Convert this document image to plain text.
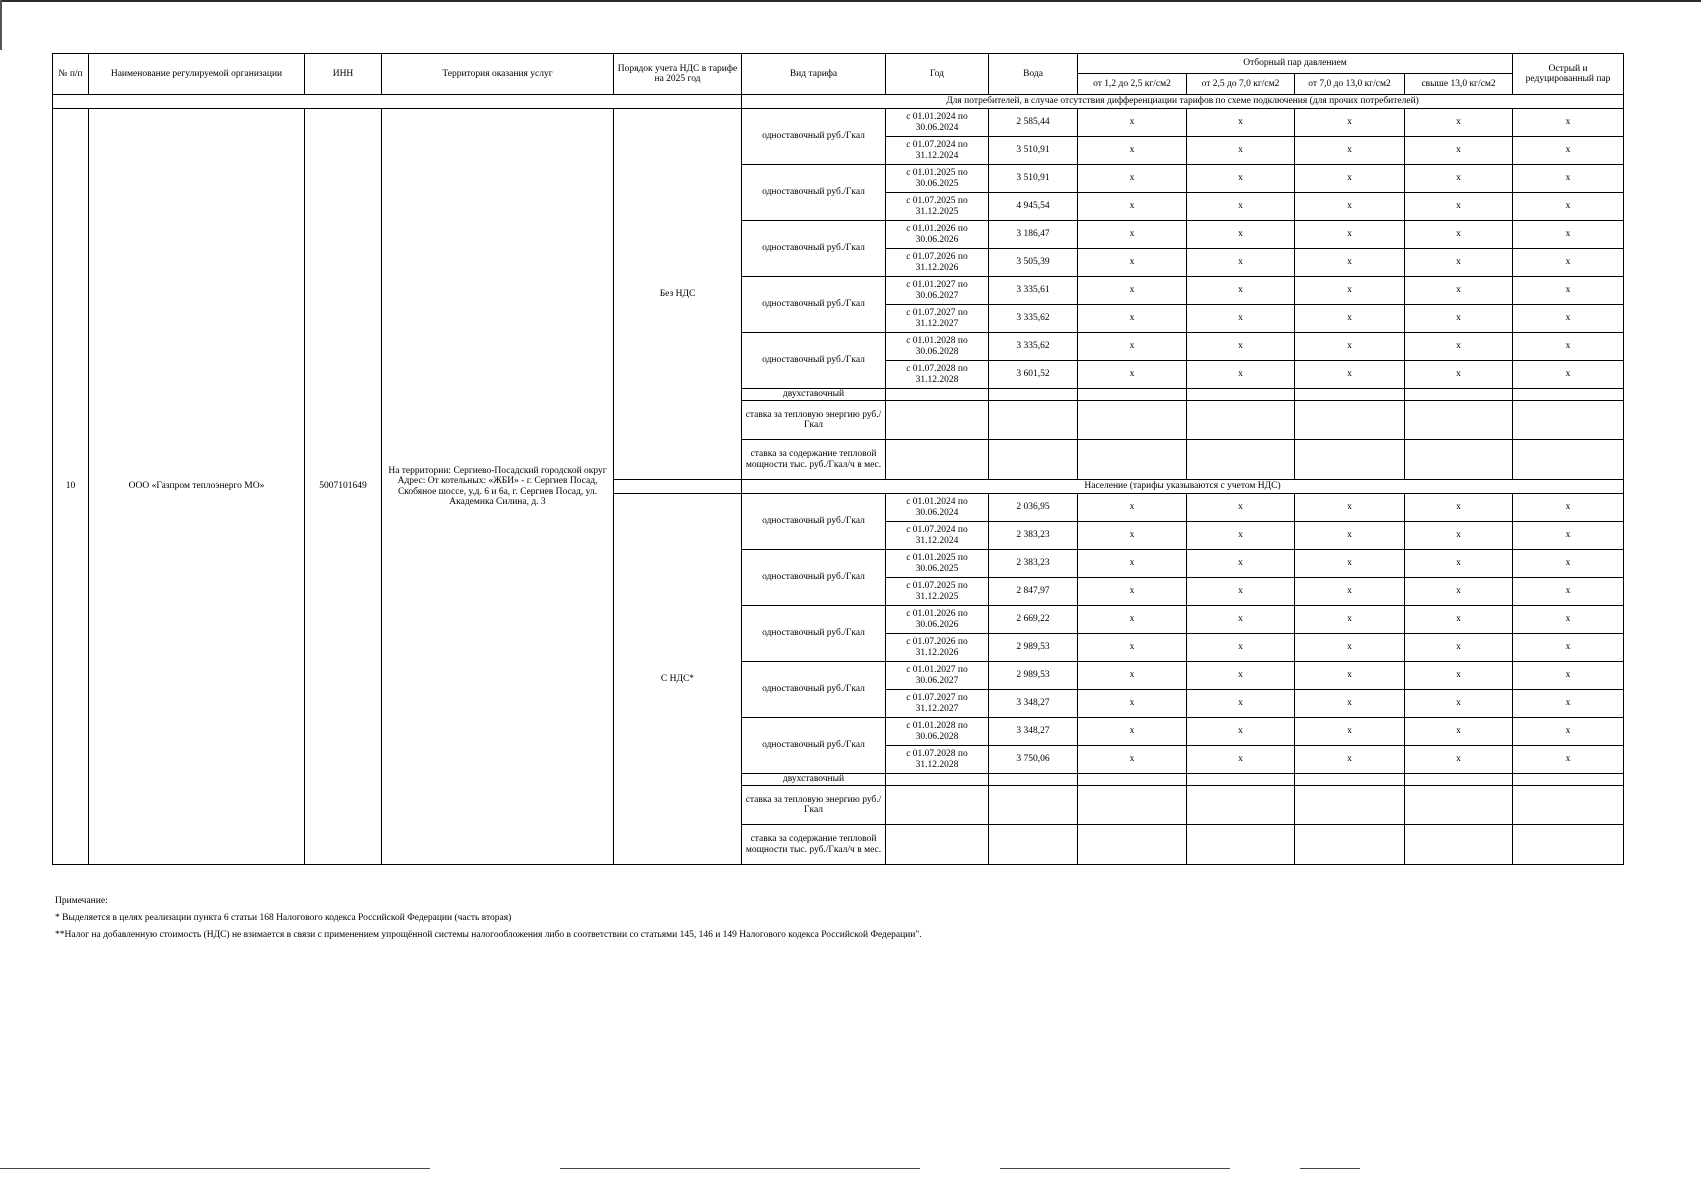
№ п/п	Наименование регулируемой организации	ИНН	Территория оказания услуг	Порядок учета НДС в тарифе на 2025 год	Вид тарифа	Год	Вода	Отборный пар давлением				Острый и редуцированный пар
								от 1,2 до 2,5 кг/см2	от 2,5 до 7,0 кг/см2	от 7,0 до 13,0 кг/см2	свыше 13,0 кг/см2	
					Для потребителей, в случае отсутствия дифференциации тарифов по схеме подключения (для прочих потребителей)							
10	ООО «Газпром теплоэнерго МО»	5007101649	На территории: Сергиево-Посадский городской округ Адрес: От котельных: «ЖБИ» - г. Сергиев Посад, Скобяное шоссе, у.д. 6 и 6а, г. Сергиев Посад, ул. Академика Силина, д. 3	Без НДС	одноставочный руб./Гкал	с 01.01.2024 по 30.06.2024	2 585,44	x	x	x	x	x
						с 01.07.2024 по 31.12.2024	3 510,91	x	x	x	x	x
					одноставочный руб./Гкал	с 01.01.2025 по 30.06.2025	3 510,91	x	x	x	x	x
						с 01.07.2025 по 31.12.2025	4 945,54	x	x	x	x	x
					одноставочный руб./Гкал	с 01.01.2026 по 30.06.2026	3 186,47	x	x	x	x	x
						с 01.07.2026 по 31.12.2026	3 505,39	x	x	x	x	x
					одноставочный руб./Гкал	с 01.01.2027 по 30.06.2027	3 335,61	x	x	x	x	x
						с 01.07.2027 по 31.12.2027	3 335,62	x	x	x	x	x
					одноставочный руб./Гкал	с 01.01.2028 по 30.06.2028	3 335,62	x	x	x	x	x
						с 01.07.2028 по 31.12.2028	3 601,52	x	x	x	x	x
					двухставочный							
					ставка за тепловую энергию руб./Гкал							
					ставка за содержание тепловой мощности тыс. руб./Гкал/ч в мес.							
					Население (тарифы указываются с учетом НДС)							
				С НДС*	одноставочный руб./Гкал	с 01.01.2024 по 30.06.2024	2 036,95	x	x	x	x	x
						с 01.07.2024 по 31.12.2024	2 383,23	x	x	x	x	x
					одноставочный руб./Гкал	с 01.01.2025 по 30.06.2025	2 383,23	x	x	x	x	x
						с 01.07.2025 по 31.12.2025	2 847,97	x	x	x	x	x
					одноставочный руб./Гкал	с 01.01.2026 по 30.06.2026	2 669,22	x	x	x	x	x
						с 01.07.2026 по 31.12.2026	2 989,53	x	x	x	x	x
					одноставочный руб./Гкал	с 01.01.2027 по 30.06.2027	2 989,53	x	x	x	x	x
						с 01.07.2027 по 31.12.2027	3 348,27	x	x	x	x	x
					одноставочный руб./Гкал	с 01.01.2028 по 30.06.2028	3 348,27	x	x	x	x	x
						с 01.07.2028 по 31.12.2028	3 750,06	x	x	x	x	x
					двухставочный							
					ставка за тепловую энергию руб./Гкал							
					ставка за содержание тепловой мощности тыс. руб./Гкал/ч в мес.							
Примечание:
* Выделяется в целях реализации пункта 6 статьи 168 Налогового кодекса Российской Федерации (часть вторая)
**Налог на добавленную стоимость (НДС) не взимается в связи с применением упрощённой системы налогообложения либо в соответствии со статьями 145, 146 и 149 Налогового кодекса Российской Федерации".
